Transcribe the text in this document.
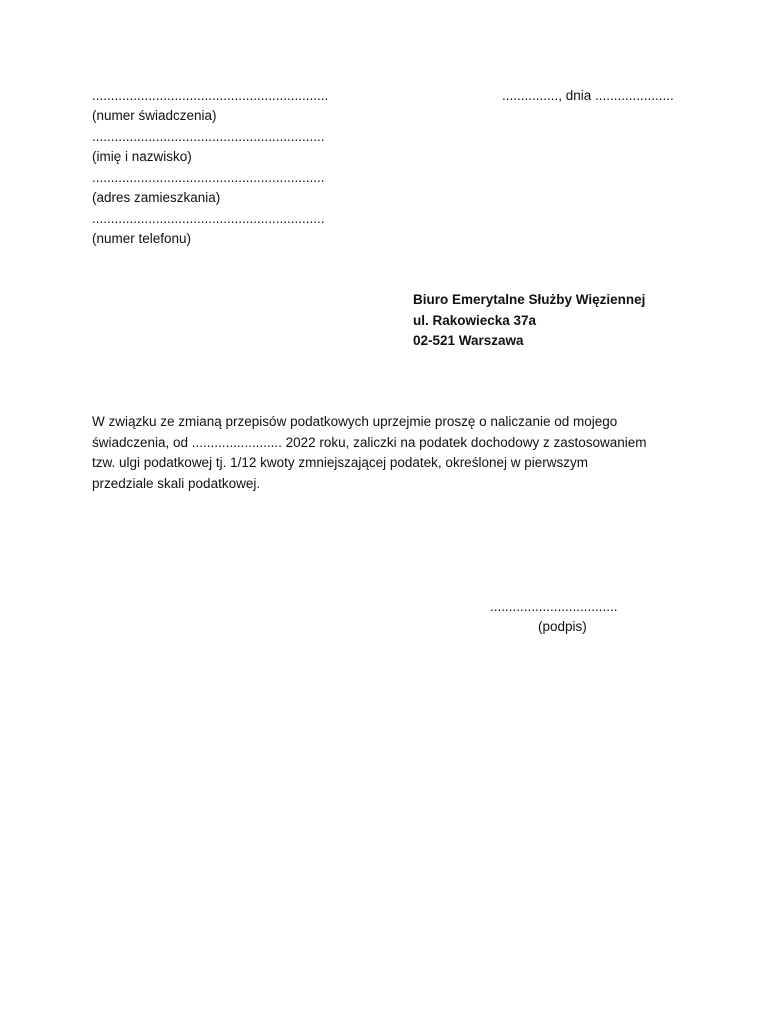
...............................................................

(numer świadczenia)

..............................................................

(imię i nazwisko)

..............................................................

(adres zamieszkania)

..............................................................

(numer telefonu)

..............., dnia .....................

Biuro Emerytalne Służby Więziennej

ul. Rakowiecka 37a

02-521 Warszawa

W związku ze zmianą przepisów podatkowych uprzejmie proszę o naliczanie od mojego
świadczenia, od ........................ 2022 roku, zaliczki na podatek dochodowy z zastosowaniem
tzw. ulgi podatkowej tj. 1/12 kwoty zmniejszającej podatek, określonej w pierwszym
przedziale skali podatkowej.

..................................

(podpis)
